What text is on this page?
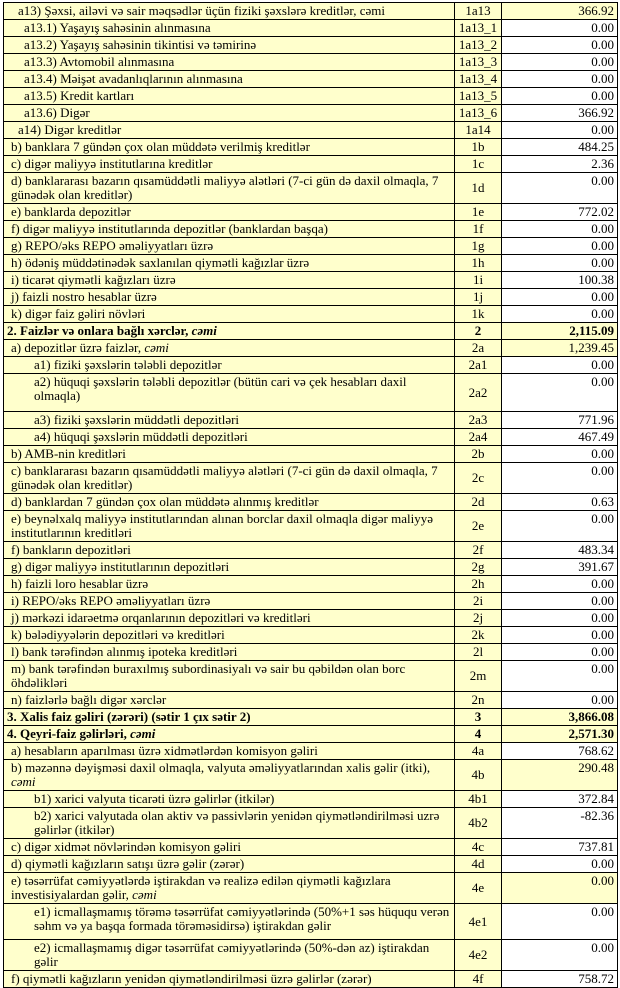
a13) Şəxsi, ailəvi və sair məqsədlər üçün fiziki şəxslərə kreditlər, cəmi	1a13	366.92
a13.1) Yaşayış sahəsinin alınmasına	1a13_1	0.00
a13.2) Yaşayış sahəsinin tikintisi və təmirinə	1a13_2	0.00
a13.3) Avtomobil alınmasına	1a13_3	0.00
a13.4) Məişət avadanlıqlarının alınmasına	1a13_4	0.00
a13.5) Kredit kartları	1a13_5	0.00
a13.6) Digər	1a13_6	366.92
a14) Digər kreditlər	1a14	0.00
b) banklara 7 gündən çox olan müddətə verilmiş kreditlər	1b	484.25
c) digər maliyyə institutlarına kreditlər	1c	2.36
d) banklararası bazarın qısamüddətli maliyyə alətləri (7-ci gün də daxil olmaqla, 7 günədək olan kreditlər)	1d	0.00
e) banklarda depozitlər	1e	772.02
f) digər maliyyə institutlarında depozitlər (banklardan başqa)	1f	0.00
g) REPO/əks REPO əməliyyatları üzrə	1g	0.00
h) ödəniş müddətinədək saxlanılan qiymətli kağızlar üzrə	1h	0.00
i) ticarət qiymətli kağızları üzrə	1i	100.38
j) faizli nostro hesablar üzrə	1j	0.00
k) digər faiz gəliri növləri	1k	0.00
2. Faizlər və onlara bağlı xərclər, cəmi	2	2,115.09
a) depozitlər üzrə faizlər, cəmi	2a	1,239.45
a1) fiziki şəxslərin tələbli depozitlər	2a1	0.00
a2) hüquqi şəxslərin tələbli depozitlər (bütün cari və çek hesabları daxil olmaqla)	2a2	0.00
a3) fiziki şəxslərin müddətli depozitləri	2a3	771.96
a4) hüquqi şəxslərin müddətli depozitləri	2a4	467.49
b) AMB-nin kreditləri	2b	0.00
c) banklararası bazarın qısamüddətli maliyyə alətləri (7-ci gün də daxil olmaqla, 7 günədək olan kreditlər)	2c	0.00
d) banklardan 7 gündən çox olan müddətə alınmış kreditlər	2d	0.63
e) beynəlxalq maliyyə institutlarından alınan borclar daxil olmaqla digər maliyyə institutlarının kreditləri	2e	0.00
f) bankların depozitləri	2f	483.34
g) digər maliyyə institutlarının depozitləri	2g	391.67
h) faizli loro hesablar üzrə	2h	0.00
i) REPO/əks REPO əməliyyatları üzrə	2i	0.00
j) mərkəzi idarəetmə orqanlarının depozitləri və kreditləri	2j	0.00
k) bələdiyyələrin depozitləri və kreditləri	2k	0.00
l) bank tərəfindən alınmış ipoteka kreditləri	2l	0.00
m) bank tərəfindən buraxılmış subordinasiyalı və sair bu qəbildən olan borc öhdəlikləri	2m	0.00
n) faizlərlə bağlı digər xərclər	2n	0.00
3. Xalis faiz gəliri (zərəri) (sətir 1 çıx sətir 2)	3	3,866.08
4. Qeyri-faiz gəlirləri, cəmi	4	2,571.30
a) hesabların aparılması üzrə xidmətlərdən komisyon gəliri	4a	768.62
b) məzənnə dəyişməsi daxil olmaqla, valyuta əməliyyatlarından xalis gəlir (itki), cəmi	4b	290.48
b1) xarici valyuta ticarəti üzrə gəlirlər (itkilər)	4b1	372.84
b2) xarici valyutada olan aktiv və passivlərin yenidən qiymətləndirilməsi uzrə gəlirlər (itkilər)	4b2	-82.36
c) digər xidmət növlərindən komisyon gəliri	4c	737.81
d) qiymətli kağızların satışı üzrə gəlir (zərər)	4d	0.00
e) təsərrüfat cəmiyyətlərdə iştirakdan və realizə edilən qiymətli kağızlara investisiyalardan gəlir, cəmi	4e	0.00
e1) icmallaşmamış törəmə təsərrüfat cəmiyyətlərində (50%+1 səs hüququ verən səhm və ya başqa formada törəməsidirsə) iştirakdan gəlir	4e1	0.00
e2) icmallaşmamış digər təsərrüfat cəmiyyətlərində (50%-dən az) iştirakdan gəlir	4e2	0.00
f) qiymətli kağızların yenidən qiymətləndirilməsi üzrə gəlirlər (zərər)	4f	758.72
